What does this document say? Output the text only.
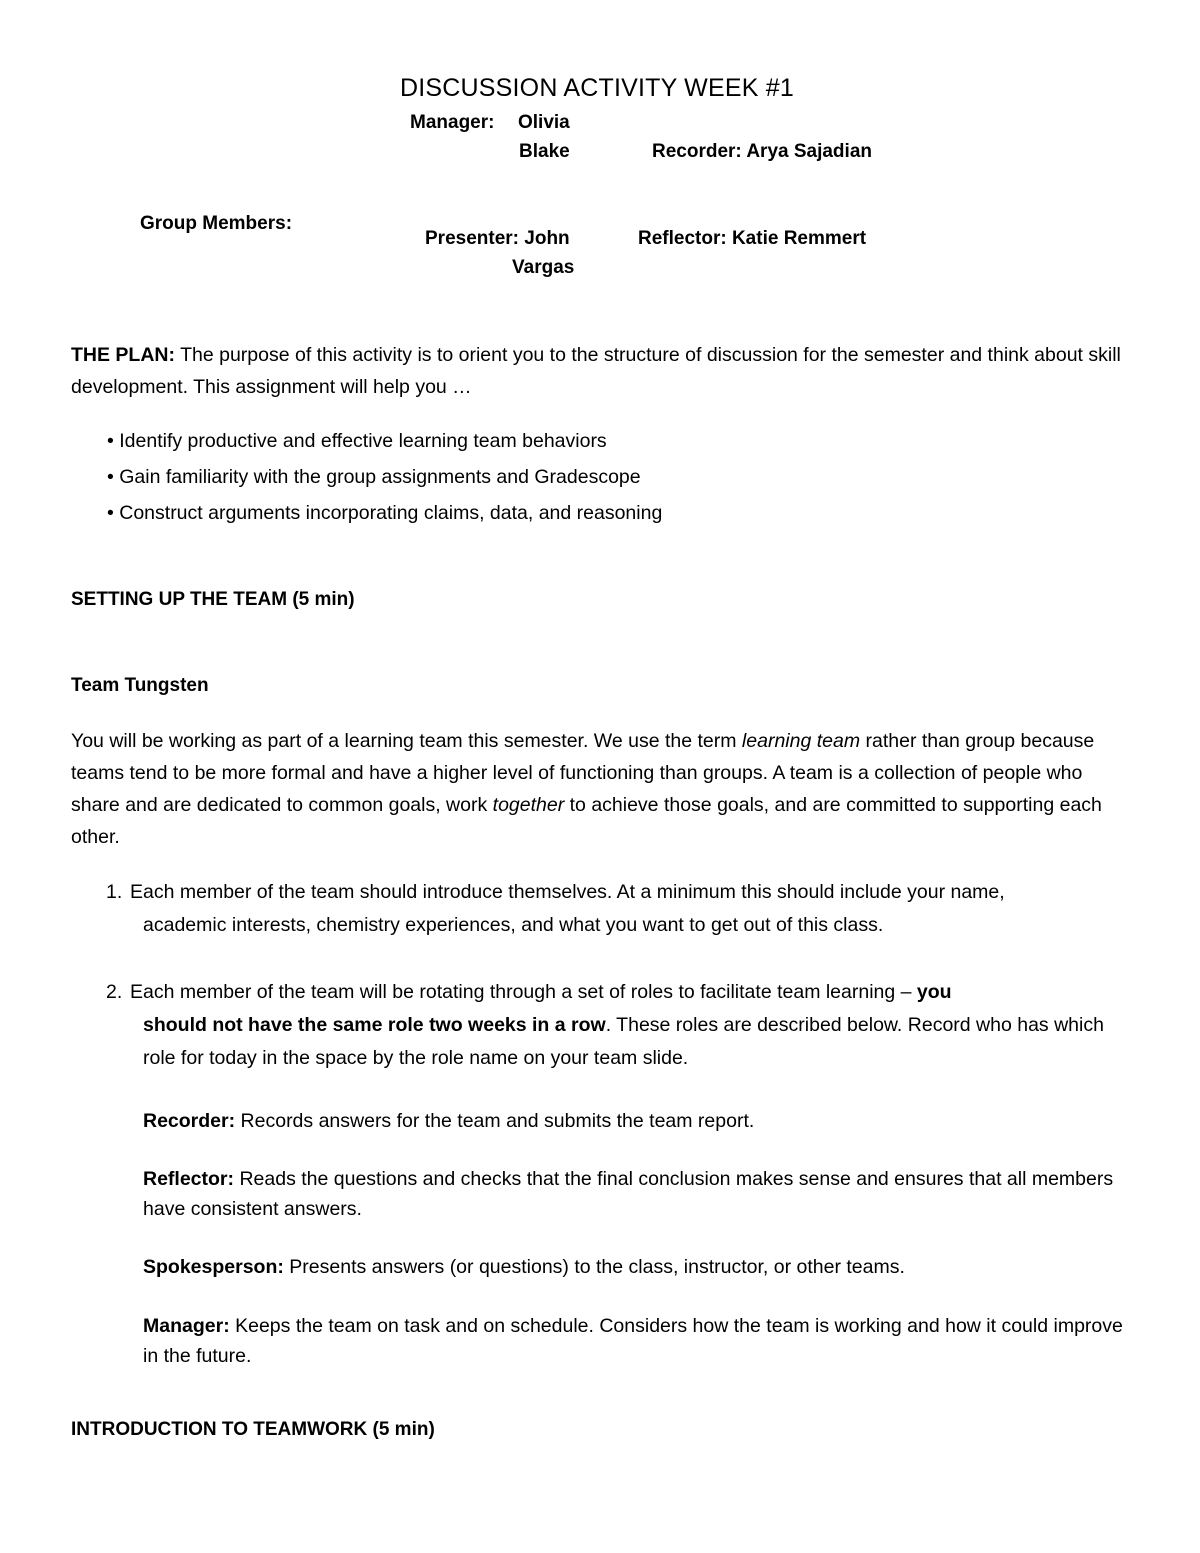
DISCUSSION ACTIVITY WEEK #1
Manager: Olivia
Blake	Recorder: Arya Sajadian
Group Members:
Presenter: John
Vargas
Reflector: Katie Remmert
THE PLAN: The purpose of this activity is to orient you to the structure of discussion for the semester and think about skill development. This assignment will help you …
• Identify productive and effective learning team behaviors
• Gain familiarity with the group assignments and Gradescope
• Construct arguments incorporating claims, data, and reasoning
SETTING UP THE TEAM (5 min)
Team Tungsten
You will be working as part of a learning team this semester. We use the term learning team rather than group because teams tend to be more formal and have a higher level of functioning than groups. A team is a collection of people who share and are dedicated to common goals, work together to achieve those goals, and are committed to supporting each other.
1. Each member of the team should introduce themselves. At a minimum this should include your name,
academic interests, chemistry experiences, and what you want to get out of this class.
2. Each member of the team will be rotating through a set of roles to facilitate team learning – you
should not have the same role two weeks in a row. These roles are described below. Record who has which role for today in the space by the role name on your team slide.
Recorder: Records answers for the team and submits the team report.
Reflector: Reads the questions and checks that the final conclusion makes sense and ensures that all members have consistent answers.
Spokesperson: Presents answers (or questions) to the class, instructor, or other teams.
Manager: Keeps the team on task and on schedule. Considers how the team is working and how it could improve in the future.
INTRODUCTION TO TEAMWORK (5 min)
